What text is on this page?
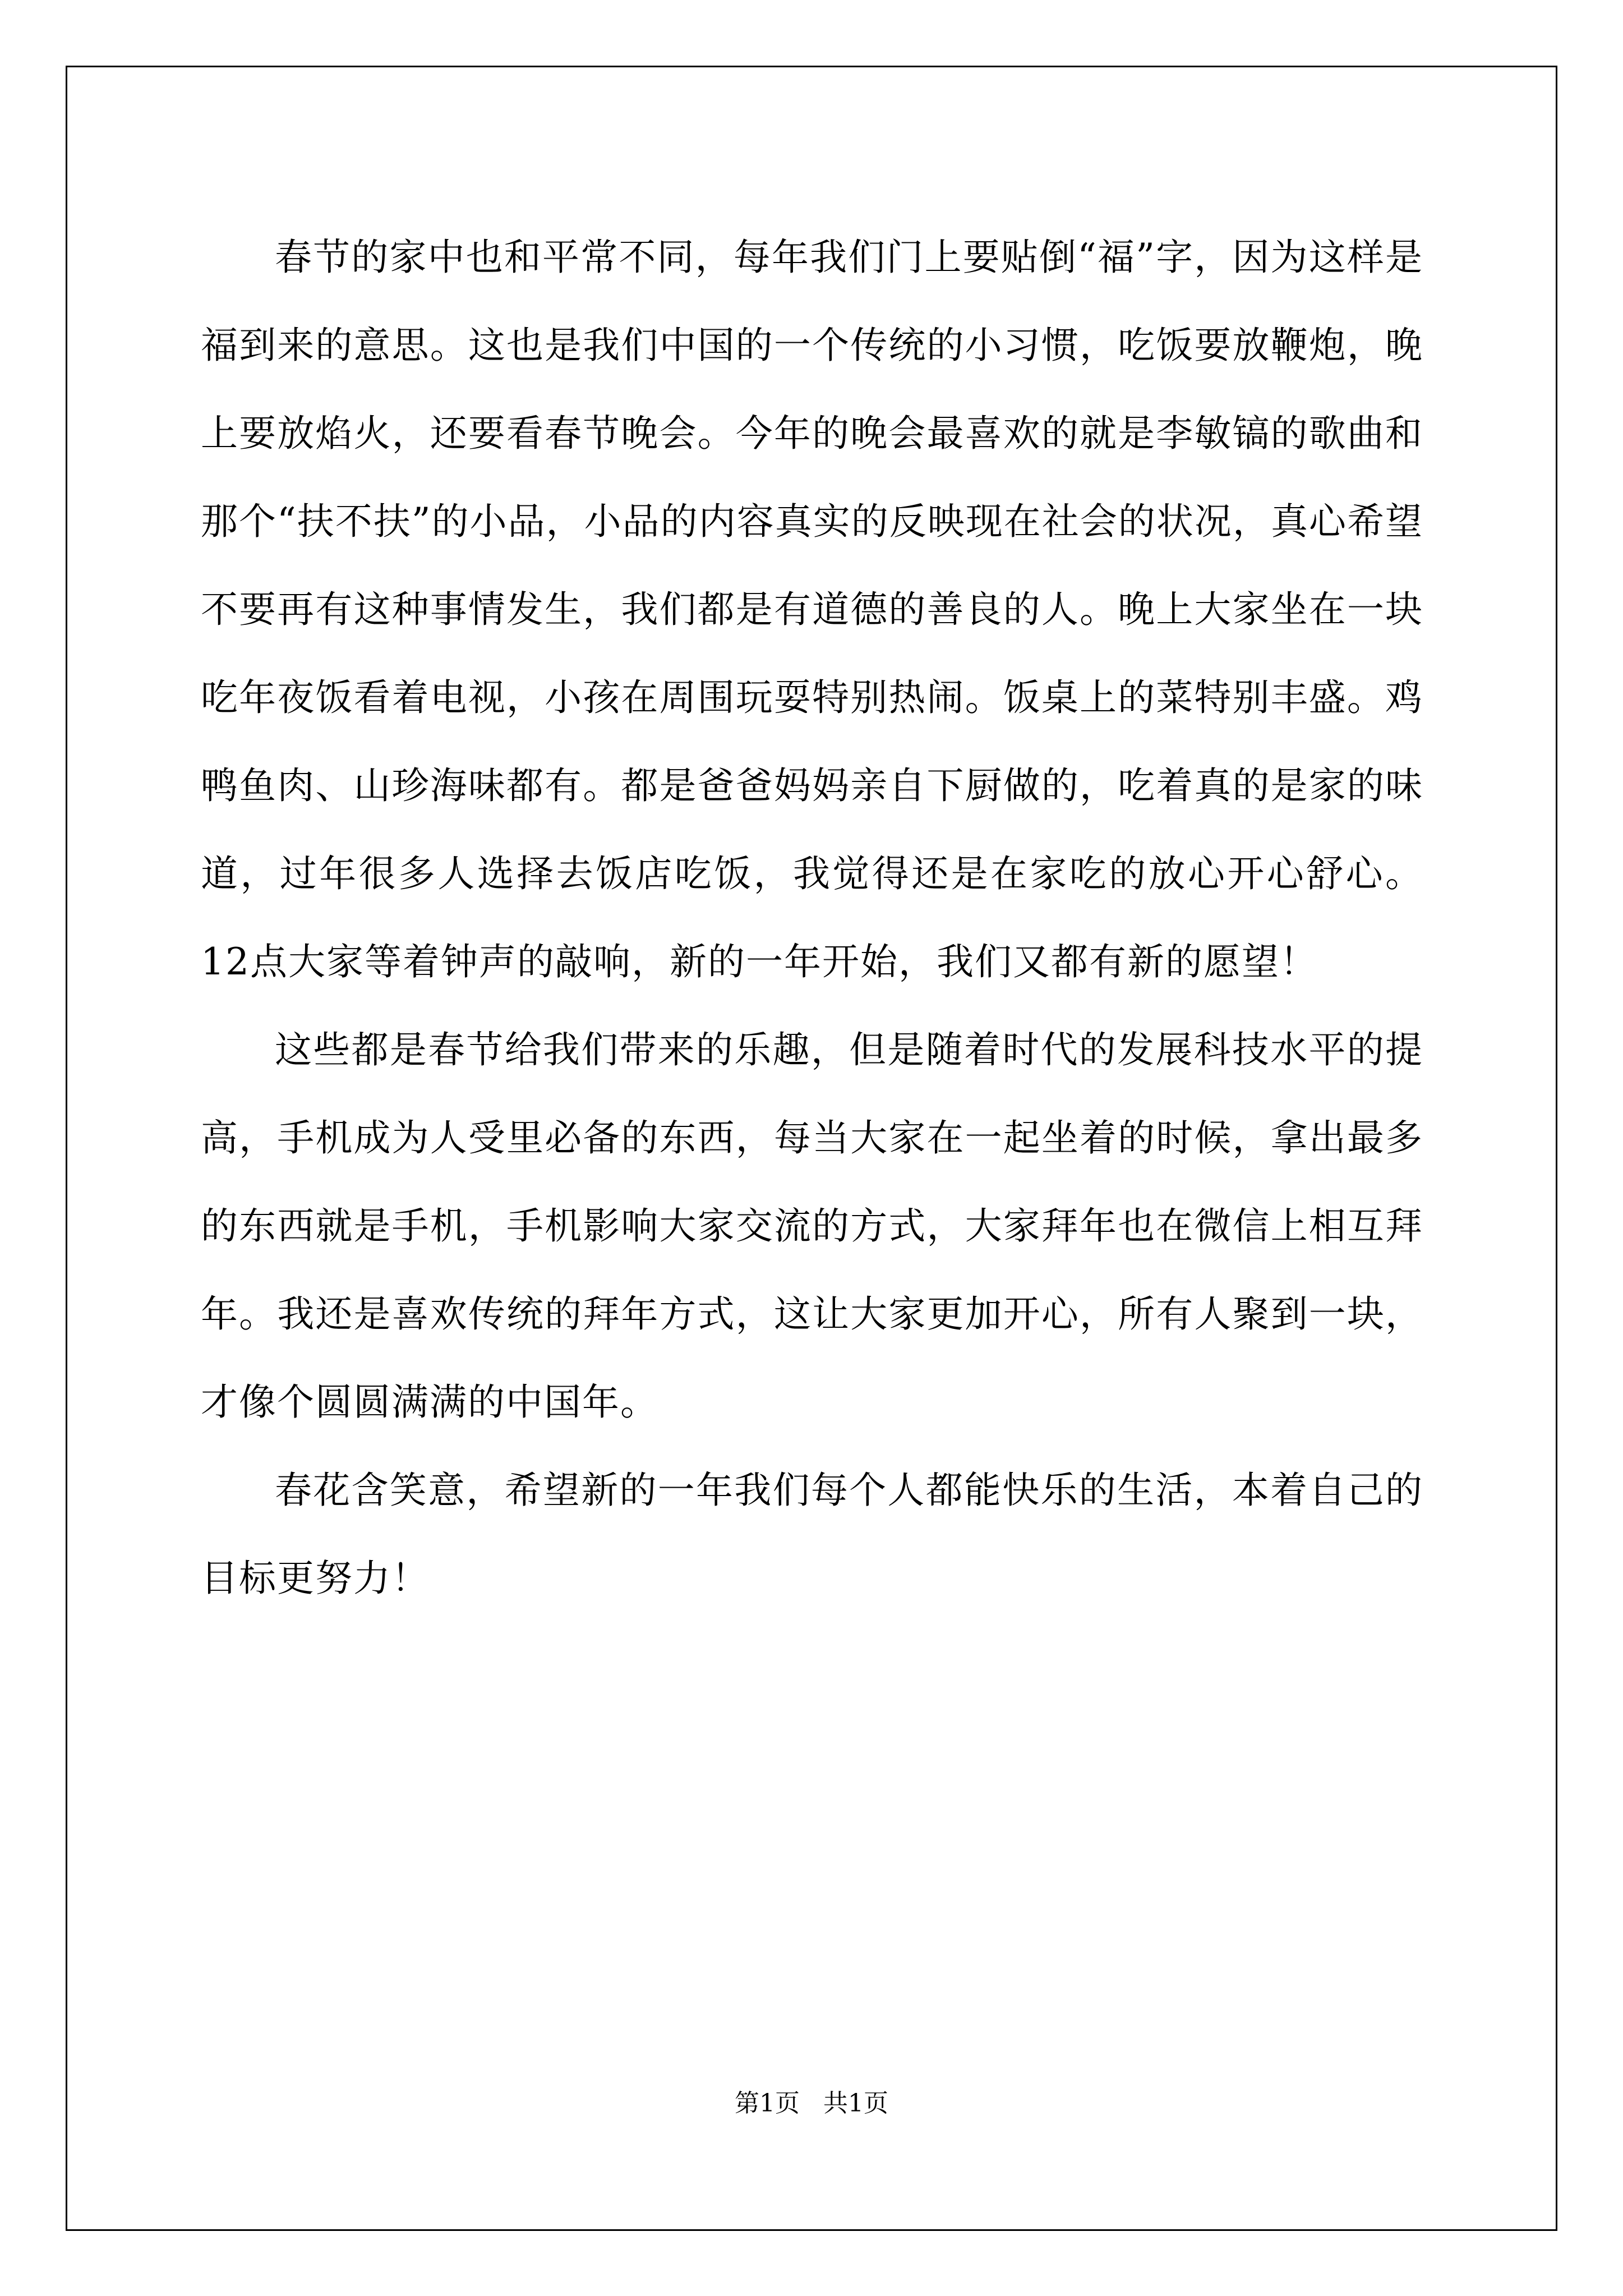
春节的家中也和平常不同，每年我们门上要贴倒“福”字，因为这样是福到来的意思。这也是我们中国的一个传统的小习惯，吃饭要放鞭炮，晚上要放焰火，还要看春节晚会。今年的晚会最喜欢的就是李敏镐的歌曲和那个“扶不扶”的小品，小品的内容真实的反映现在社会的状况，真心希望不要再有这种事情发生，我们都是有道德的善良的人。晚上大家坐在一块吃年夜饭看着电视，小孩在周围玩耍特别热闹。饭桌上的菜特别丰盛。鸡鸭鱼肉、山珍海味都有。都是爸爸妈妈亲自下厨做的，吃着真的是家的味道，过年很多人选择去饭店吃饭，我觉得还是在家吃的放心开心舒心。12点大家等着钟声的敲响，新的一年开始，我们又都有新的愿望！

这些都是春节给我们带来的乐趣，但是随着时代的发展科技水平的提高，手机成为人受里必备的东西，每当大家在一起坐着的时候，拿出最多的东西就是手机，手机影响大家交流的方式，大家拜年也在微信上相互拜年。我还是喜欢传统的拜年方式，这让大家更加开心，所有人聚到一块，才像个圆圆满满的中国年。

春花含笑意，希望新的一年我们每个人都能快乐的生活，本着自己的目标更努力！

第1页   共1页
